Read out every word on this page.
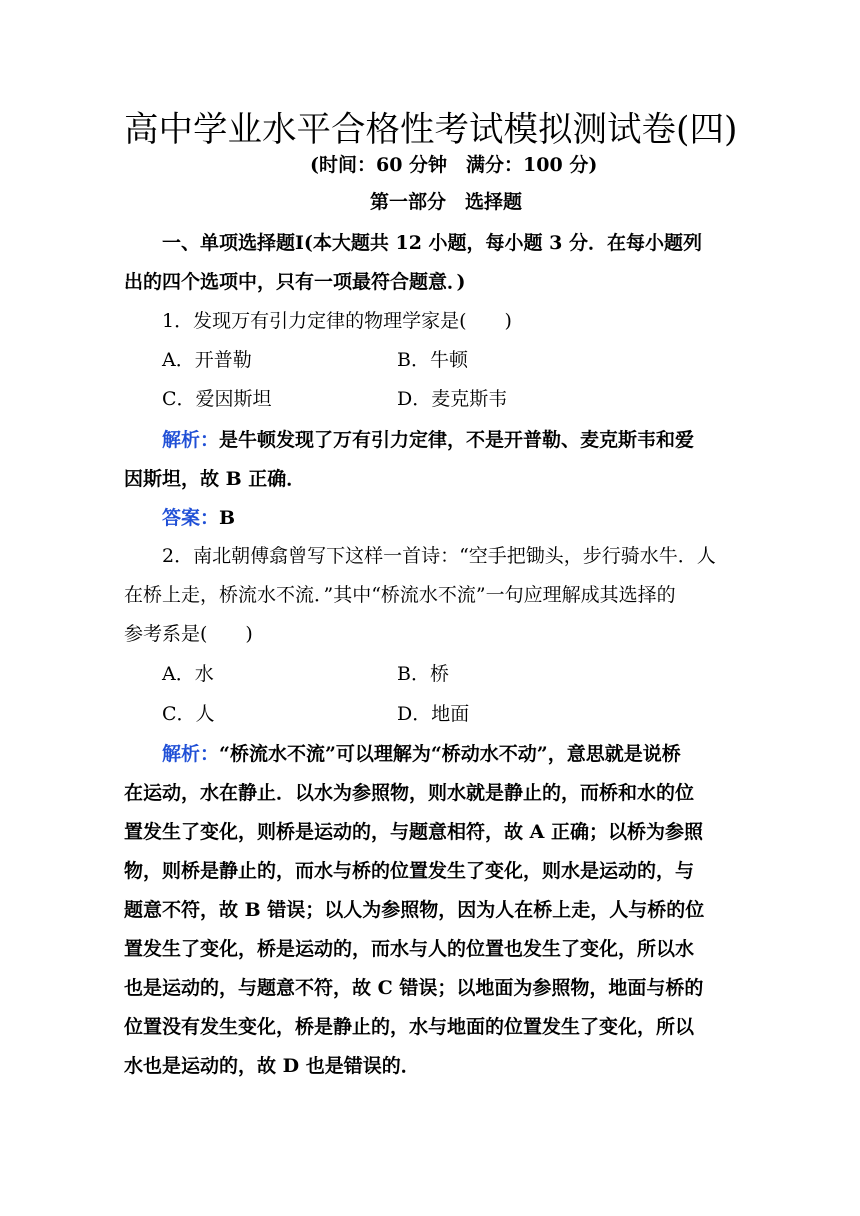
高中学业水平合格性考试模拟测试卷(四)
(时间：60 分钟　满分：100 分)
第一部分　选择题
一、单项选择题Ⅰ(本大题共 12 小题，每小题 3 分．在每小题列
出的四个选项中，只有一项最符合题意．)
1．发现万有引力定律的物理学家是(　　)
A．开普勒	B．牛顿
C．爱因斯坦	D．麦克斯韦
解析：是牛顿发现了万有引力定律，不是开普勒、麦克斯韦和爱
因斯坦，故 B 正确．
答案：B
2．南北朝傅翕曾写下这样一首诗：“空手把锄头，步行骑水牛．人
在桥上走，桥流水不流．”其中“桥流水不流”一句应理解成其选择的
参考系是(　　)
A．水	B．桥
C．人	D．地面
解析：“桥流水不流”可以理解为“桥动水不动”，意思就是说桥
在运动，水在静止．以水为参照物，则水就是静止的，而桥和水的位
置发生了变化，则桥是运动的，与题意相符，故 A 正确；以桥为参照
物，则桥是静止的，而水与桥的位置发生了变化，则水是运动的，与
题意不符，故 B 错误；以人为参照物，因为人在桥上走，人与桥的位
置发生了变化，桥是运动的，而水与人的位置也发生了变化，所以水
也是运动的，与题意不符，故 C 错误；以地面为参照物，地面与桥的
位置没有发生变化，桥是静止的，水与地面的位置发生了变化，所以
水也是运动的，故 D 也是错误的．
